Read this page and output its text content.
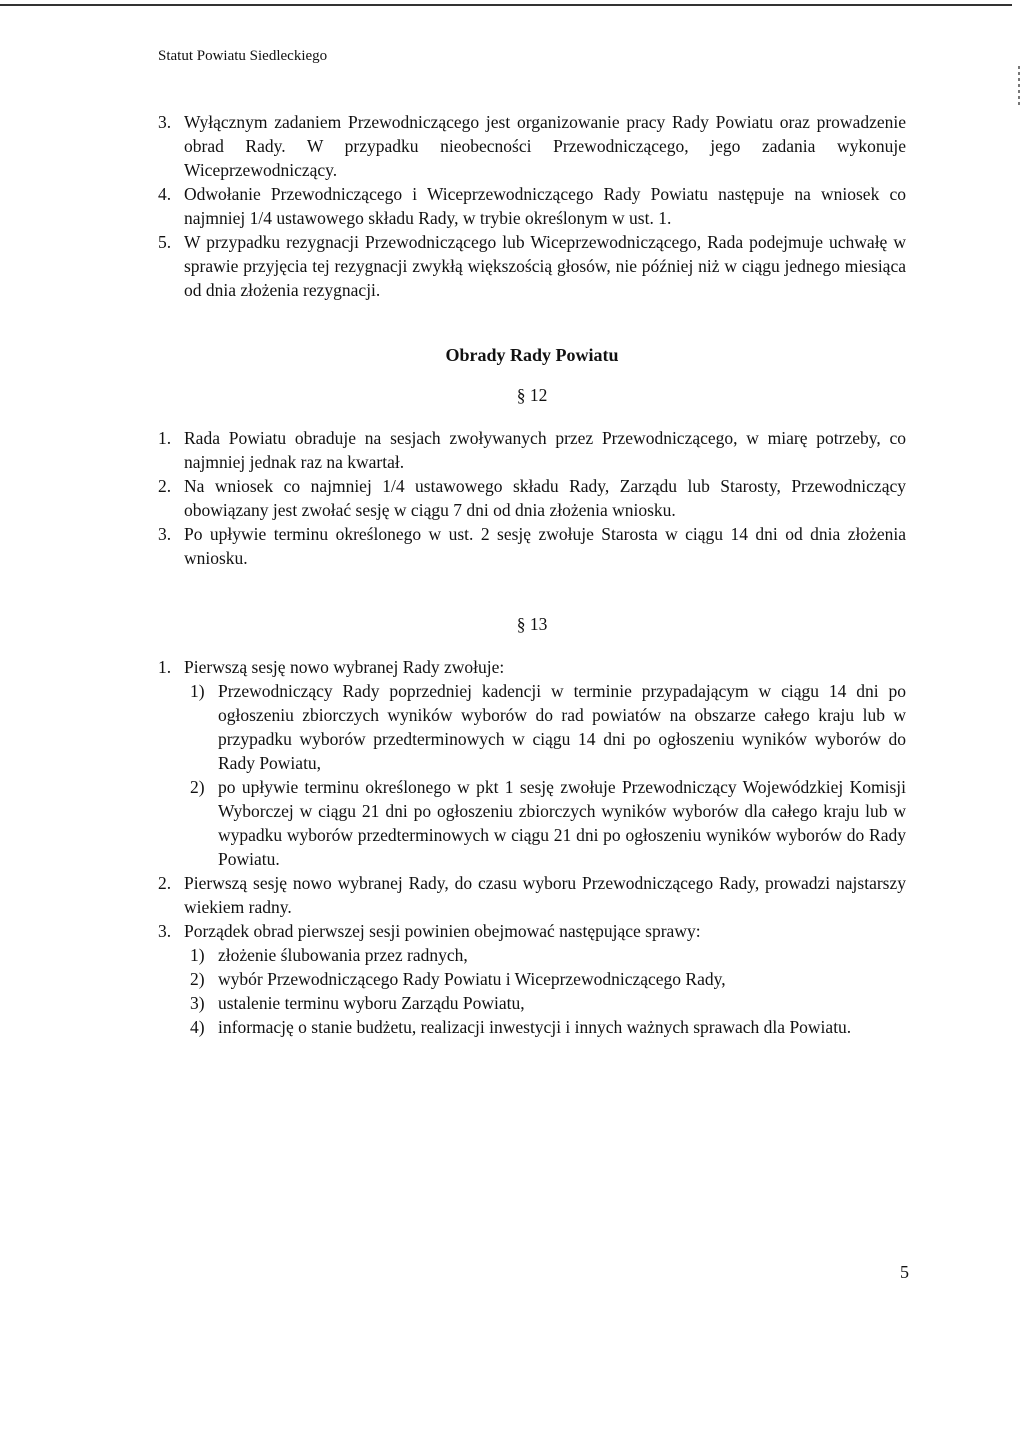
Statut Powiatu Siedleckiego
3. Wyłącznym zadaniem Przewodniczącego jest organizowanie pracy Rady Powiatu oraz prowadzenie obrad Rady. W przypadku nieobecności Przewodniczącego, jego zadania wykonuje Wiceprzewodniczący.
4. Odwołanie Przewodniczącego i Wiceprzewodniczącego Rady Powiatu następuje na wniosek co najmniej 1/4 ustawowego składu Rady, w trybie określonym w ust. 1.
5. W przypadku rezygnacji Przewodniczącego lub Wiceprzewodniczącego, Rada podejmuje uchwałę w sprawie przyjęcia tej rezygnacji zwykłą większością głosów, nie później niż w ciągu jednego miesiąca od dnia złożenia rezygnacji.
Obrady Rady Powiatu
§ 12
1. Rada Powiatu obraduje na sesjach zwoływanych przez Przewodniczącego, w miarę potrzeby, co najmniej jednak raz na kwartał.
2. Na wniosek co najmniej 1/4 ustawowego składu Rady, Zarządu lub Starosty, Przewodniczący obowiązany jest zwołać sesję w ciągu 7 dni od dnia złożenia wniosku.
3. Po upływie terminu określonego w ust. 2 sesję zwołuje Starosta w ciągu 14 dni od dnia złożenia wniosku.
§ 13
1. Pierwszą sesję nowo wybranej Rady zwołuje:
1) Przewodniczący Rady poprzedniej kadencji w terminie przypadającym w ciągu 14 dni po ogłoszeniu zbiorczych wyników wyborów do rad powiatów na obszarze całego kraju lub w przypadku wyborów przedterminowych w ciągu 14 dni po ogłoszeniu wyników wyborów do Rady Powiatu,
2) po upływie terminu określonego w pkt 1 sesję zwołuje Przewodniczący Wojewódzkiej Komisji Wyborczej w ciągu 21 dni po ogłoszeniu zbiorczych wyników wyborów dla całego kraju lub w wypadku wyborów przedterminowych w ciągu 21 dni po ogłoszeniu wyników wyborów do Rady Powiatu.
2. Pierwszą sesję nowo wybranej Rady, do czasu wyboru Przewodniczącego Rady, prowadzi najstarszy wiekiem radny.
3. Porządek obrad pierwszej sesji powinien obejmować następujące sprawy:
1) złożenie ślubowania przez radnych,
2) wybór Przewodniczącego Rady Powiatu i Wiceprzewodniczącego Rady,
3) ustalenie terminu wyboru Zarządu Powiatu,
4) informację o stanie budżetu, realizacji inwestycji i innych ważnych sprawach dla Powiatu.
5
